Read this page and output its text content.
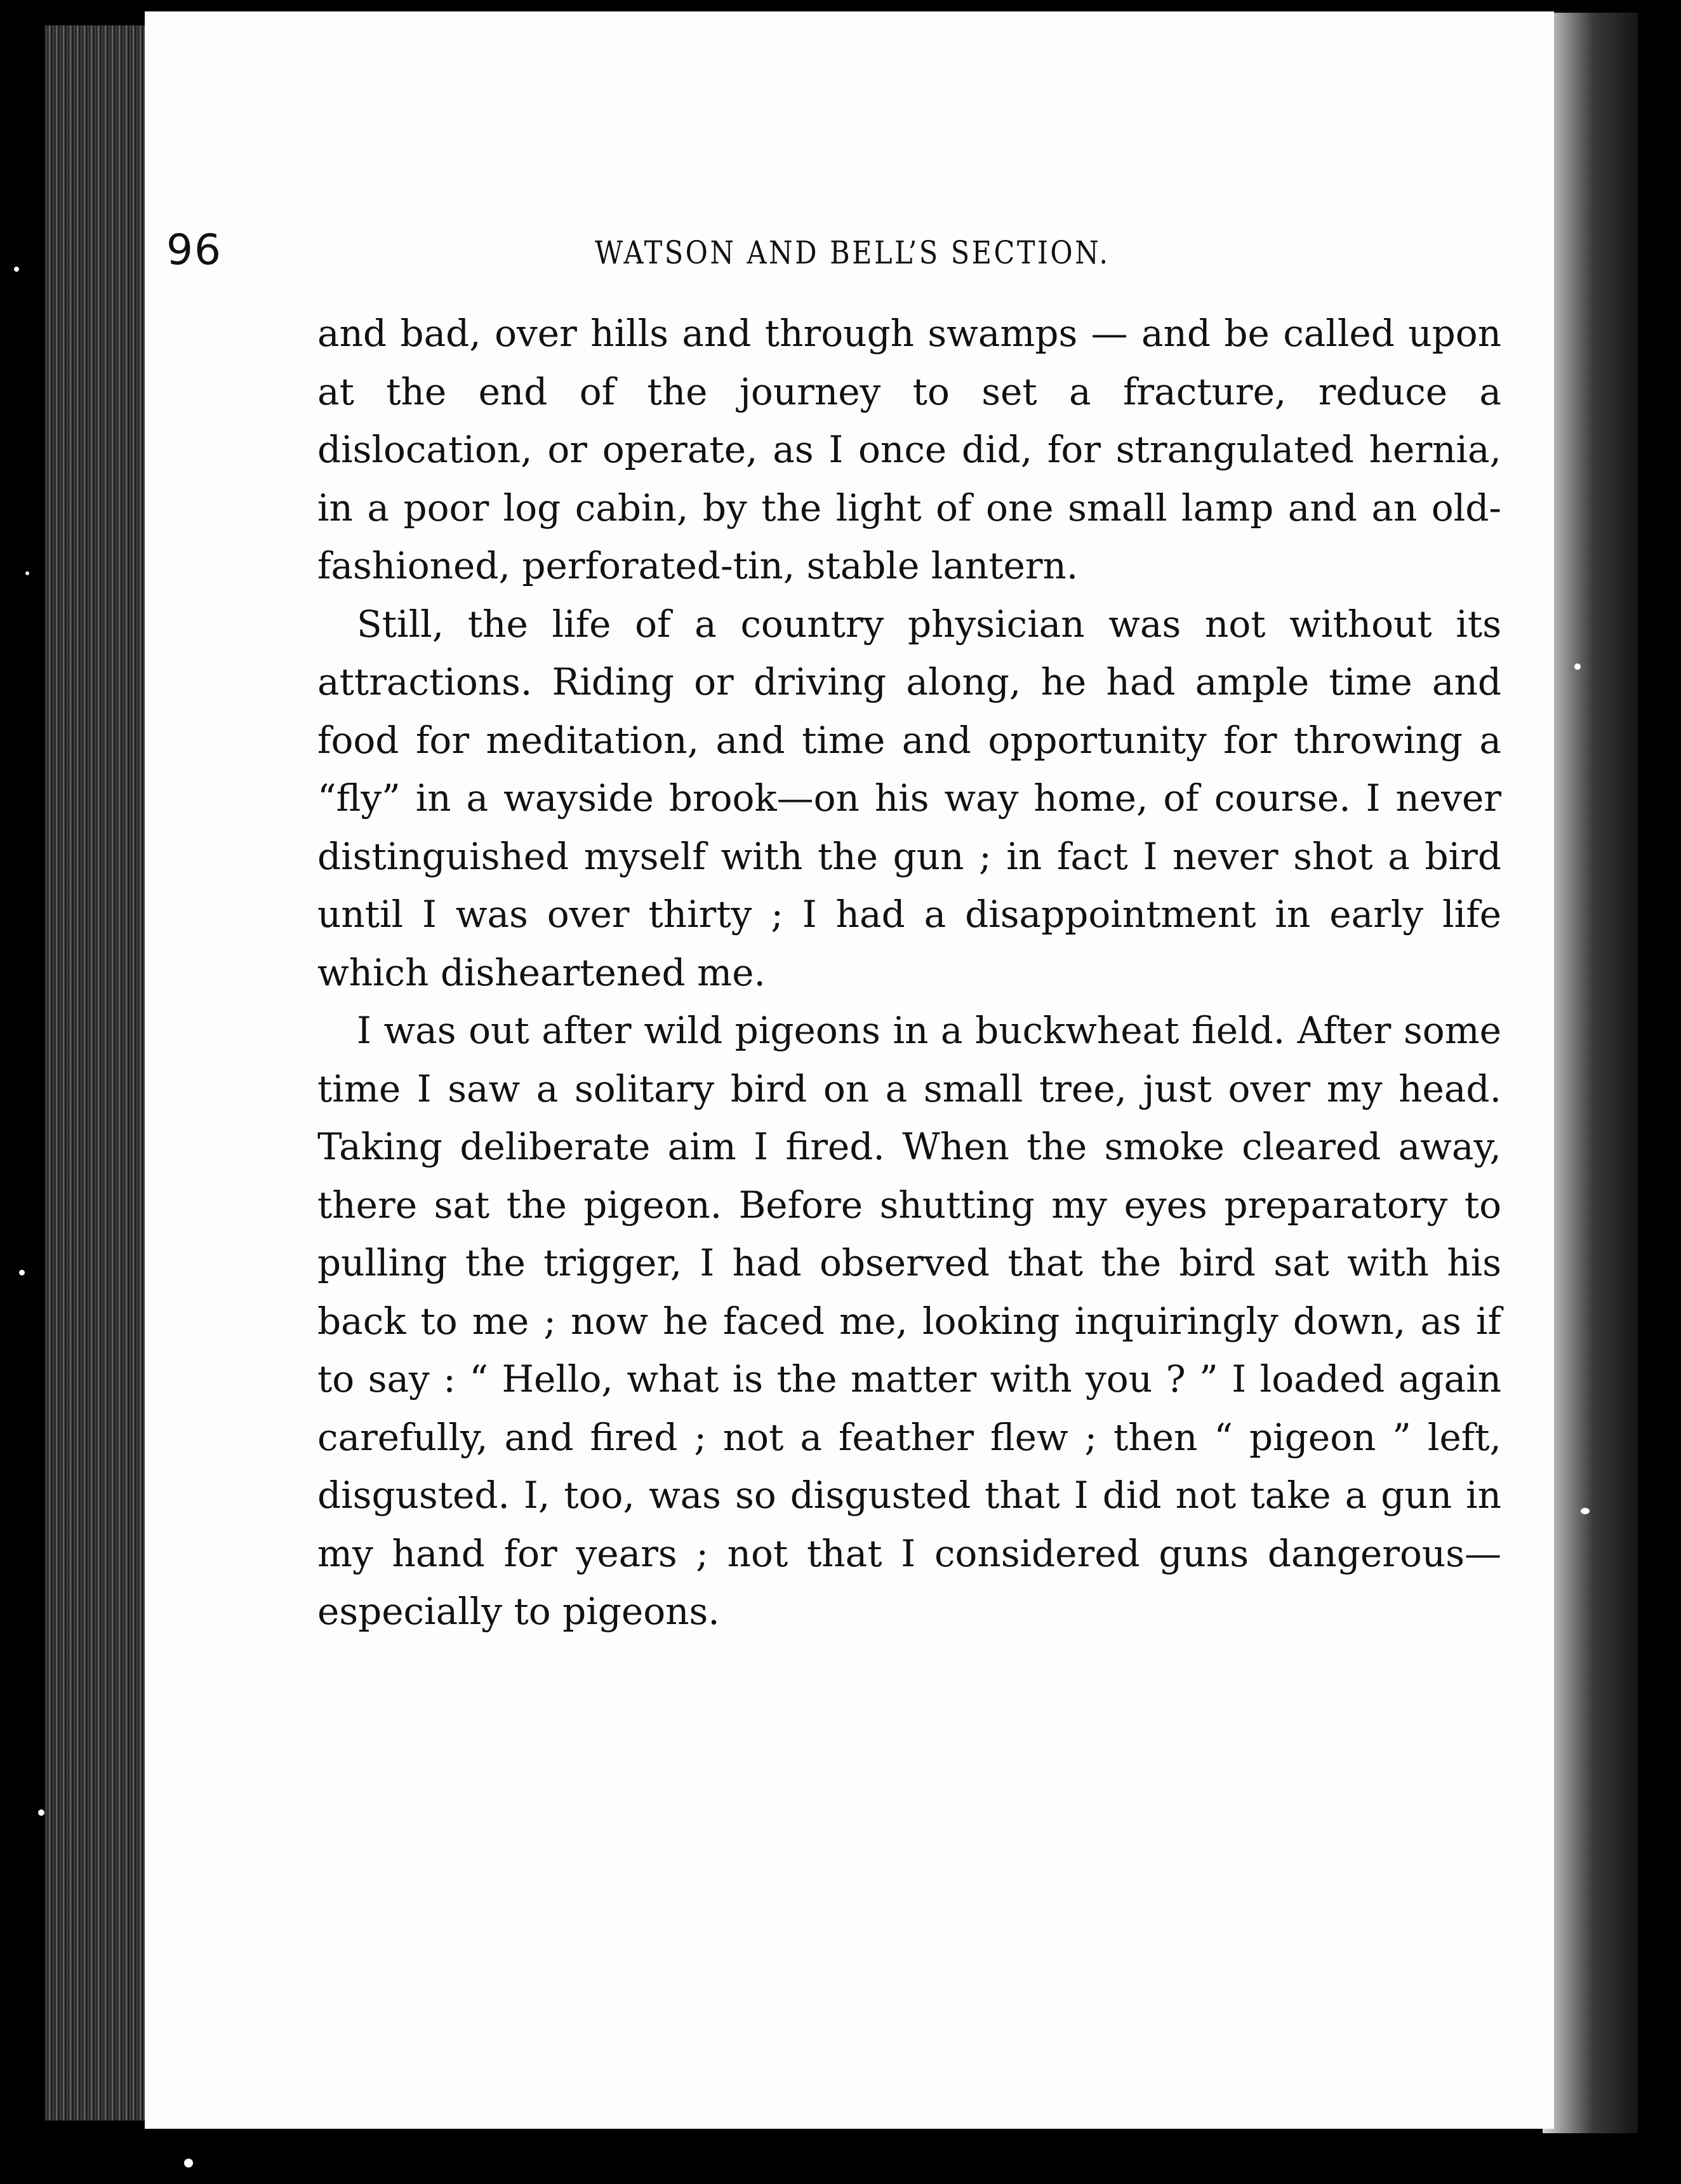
96	WATSON AND BELL’S SECTION.

and bad, over hills and through swamps — and be called upon at the end of the journey to set a fracture, reduce a dislocation, or operate, as I once did, for strangulated hernia, in a poor log cabin, by the light of one small lamp and an old-fashioned, perforated-tin, stable lantern.

Still, the life of a country physician was not without its attractions. Riding or driving along, he had ample time and food for meditation, and time and opportunity for throwing a “fly” in a wayside brook—on his way home, of course. I never distinguished myself with the gun ; in fact I never shot a bird until I was over thirty ; I had a disappointment in early life which disheartened me.

I was out after wild pigeons in a buckwheat field. After some time I saw a solitary bird on a small tree, just over my head. Taking deliberate aim I fired. When the smoke cleared away, there sat the pigeon. Before shutting my eyes preparatory to pulling the trigger, I had observed that the bird sat with his back to me ; now he faced me, looking inquiringly down, as if to say : “ Hello, what is the matter with you ? ” I loaded again carefully, and fired ; not a feather flew ; then “ pigeon ” left, disgusted. I, too, was so disgusted that I did not take a gun in my hand for years ; not that I considered guns dangerous—especially to pigeons.
